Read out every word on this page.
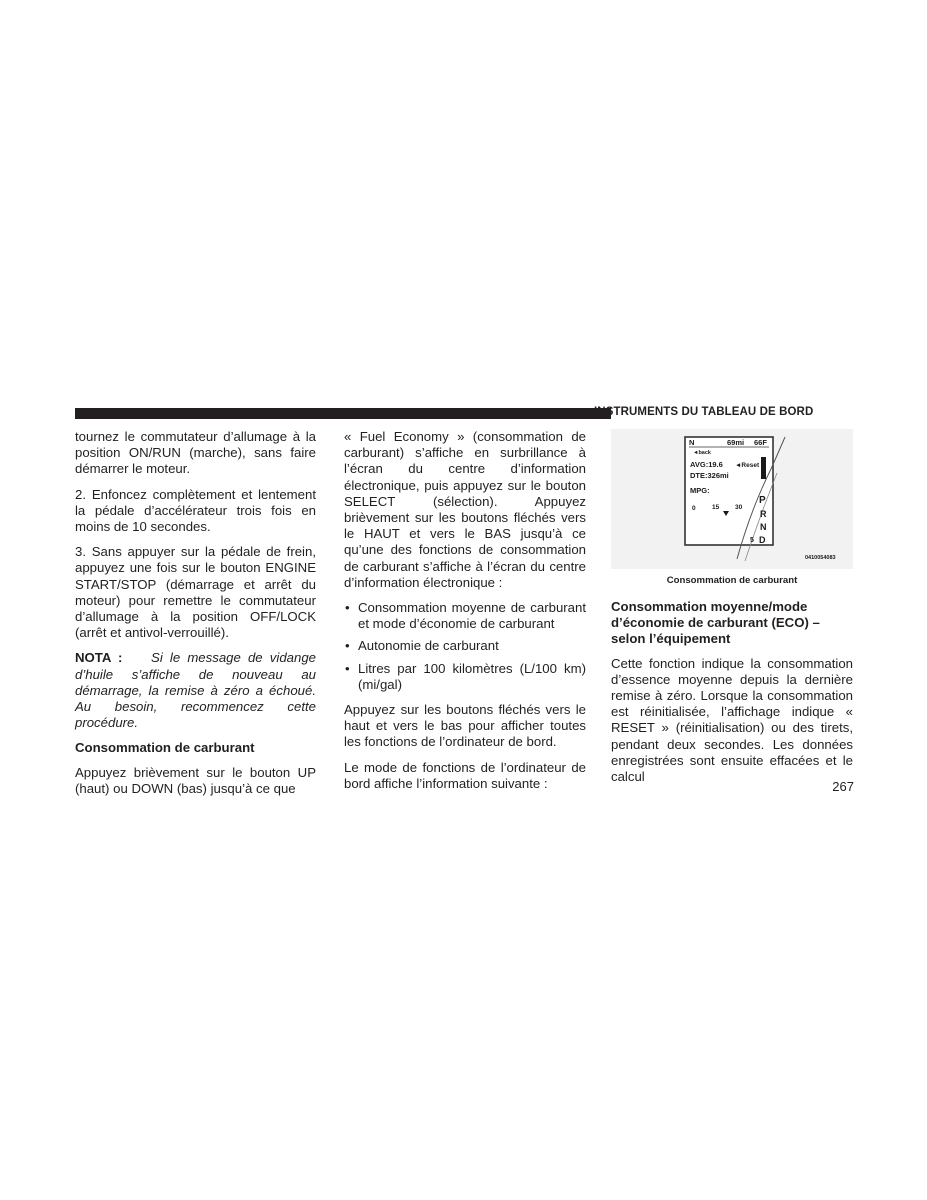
INSTRUMENTS DU TABLEAU DE BORD

tournez le commutateur d’allumage à la position ON/RUN (marche), sans faire démarrer le moteur.

2. Enfoncez complètement et lentement la pédale d’accélérateur trois fois en moins de 10 secondes.

3. Sans appuyer sur la pédale de frein, appuyez une fois sur le bouton ENGINE START/STOP (démarrage et arrêt du moteur) pour remettre le commutateur d’allumage à la position OFF/LOCK (arrêt et antivol-verrouillé).

NOTA : Si le message de vidange d’huile s’affiche de nouveau au démarrage, la remise à zéro a échoué. Au besoin, recommencez cette procédure.

Consommation de carburant

Appuyez brièvement sur le bouton UP (haut) ou DOWN (bas) jusqu’à ce que

« Fuel Economy » (consommation de carburant) s’affiche en surbrillance à l’écran du centre d’information électronique, puis appuyez sur le bouton SELECT (sélection). Appuyez brièvement sur les boutons fléchés vers le HAUT et vers le BAS jusqu’à ce qu’une des fonctions de consommation de carburant s’affiche à l’écran du centre d’information électronique :

• Consommation moyenne de carburant et mode d’économie de carburant
• Autonomie de carburant
• Litres par 100 kilomètres (L/100 km) (mi/gal)

Appuyez sur les boutons fléchés vers le haut et vers le bas pour afficher toutes les fonctions de l’ordinateur de bord.

Le mode de fonctions de l’ordinateur de bord affiche l’information suivante :

N	69mi 66F
◄back
AVG:19.6 ◄Reset
DTE:326mi
MPG:
0	15 30
P
R
N
5 D
0410054083
Consommation de carburant
Consommation moyenne/mode d’économie de carburant (ECO) – selon l’équipement

Cette fonction indique la consommation d’essence moyenne depuis la dernière remise à zéro. Lorsque la consommation est réinitialisée, l’affichage indique « RESET » (réinitialisation) ou des tirets, pendant deux secondes. Les données enregistrées sont ensuite effacées et le calcul

267
